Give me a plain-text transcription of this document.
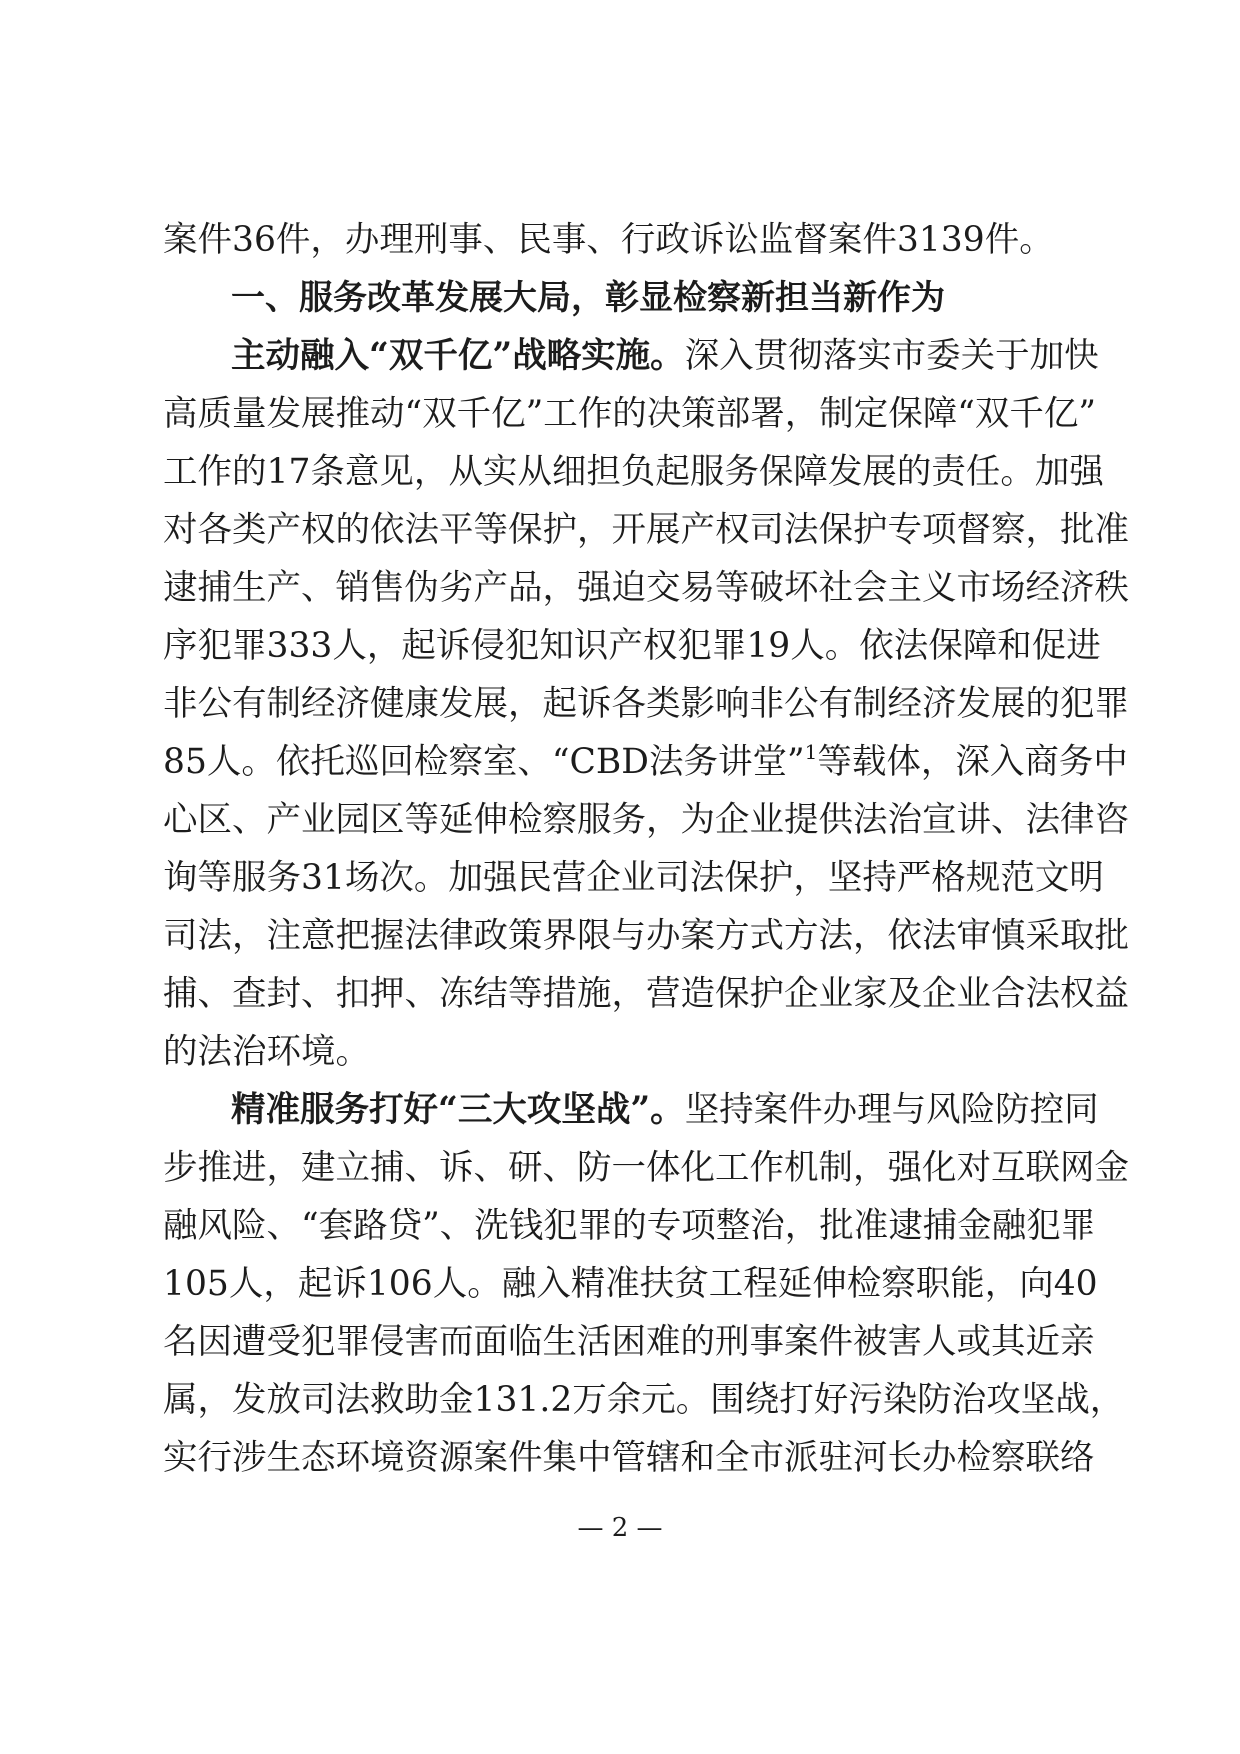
案件36件，办理刑事、民事、行政诉讼监督案件3139件。
一、服务改革发展大局，彰显检察新担当新作为
主动融入“双千亿”战略实施。深入贯彻落实市委关于加快
高质量发展推动“双千亿”工作的决策部署，制定保障“双千亿”
工作的17条意见，从实从细担负起服务保障发展的责任。加强
对各类产权的依法平等保护，开展产权司法保护专项督察，批准
逮捕生产、销售伪劣产品，强迫交易等破坏社会主义市场经济秩
序犯罪333人，起诉侵犯知识产权犯罪19人。依法保障和促进
非公有制经济健康发展，起诉各类影响非公有制经济发展的犯罪
85人。依托巡回检察室、“CBD法务讲堂”$^1$等载体，深入商务中
心区、产业园区等延伸检察服务，为企业提供法治宣讲、法律咨
询等服务31场次。加强民营企业司法保护，坚持严格规范文明
司法，注意把握法律政策界限与办案方式方法，依法审慎采取批
捕、查封、扣押、冻结等措施，营造保护企业家及企业合法权益
的法治环境。
精准服务打好“三大攻坚战”。坚持案件办理与风险防控同
步推进，建立捕、诉、研、防一体化工作机制，强化对互联网金
融风险、“套路贷”、洗钱犯罪的专项整治，批准逮捕金融犯罪
105人，起诉106人。融入精准扶贫工程延伸检察职能，向40
名因遭受犯罪侵害而面临生活困难的刑事案件被害人或其近亲
属，发放司法救助金131.2万余元。围绕打好污染防治攻坚战，
实行涉生态环境资源案件集中管辖和全市派驻河长办检察联络
— 2 —
